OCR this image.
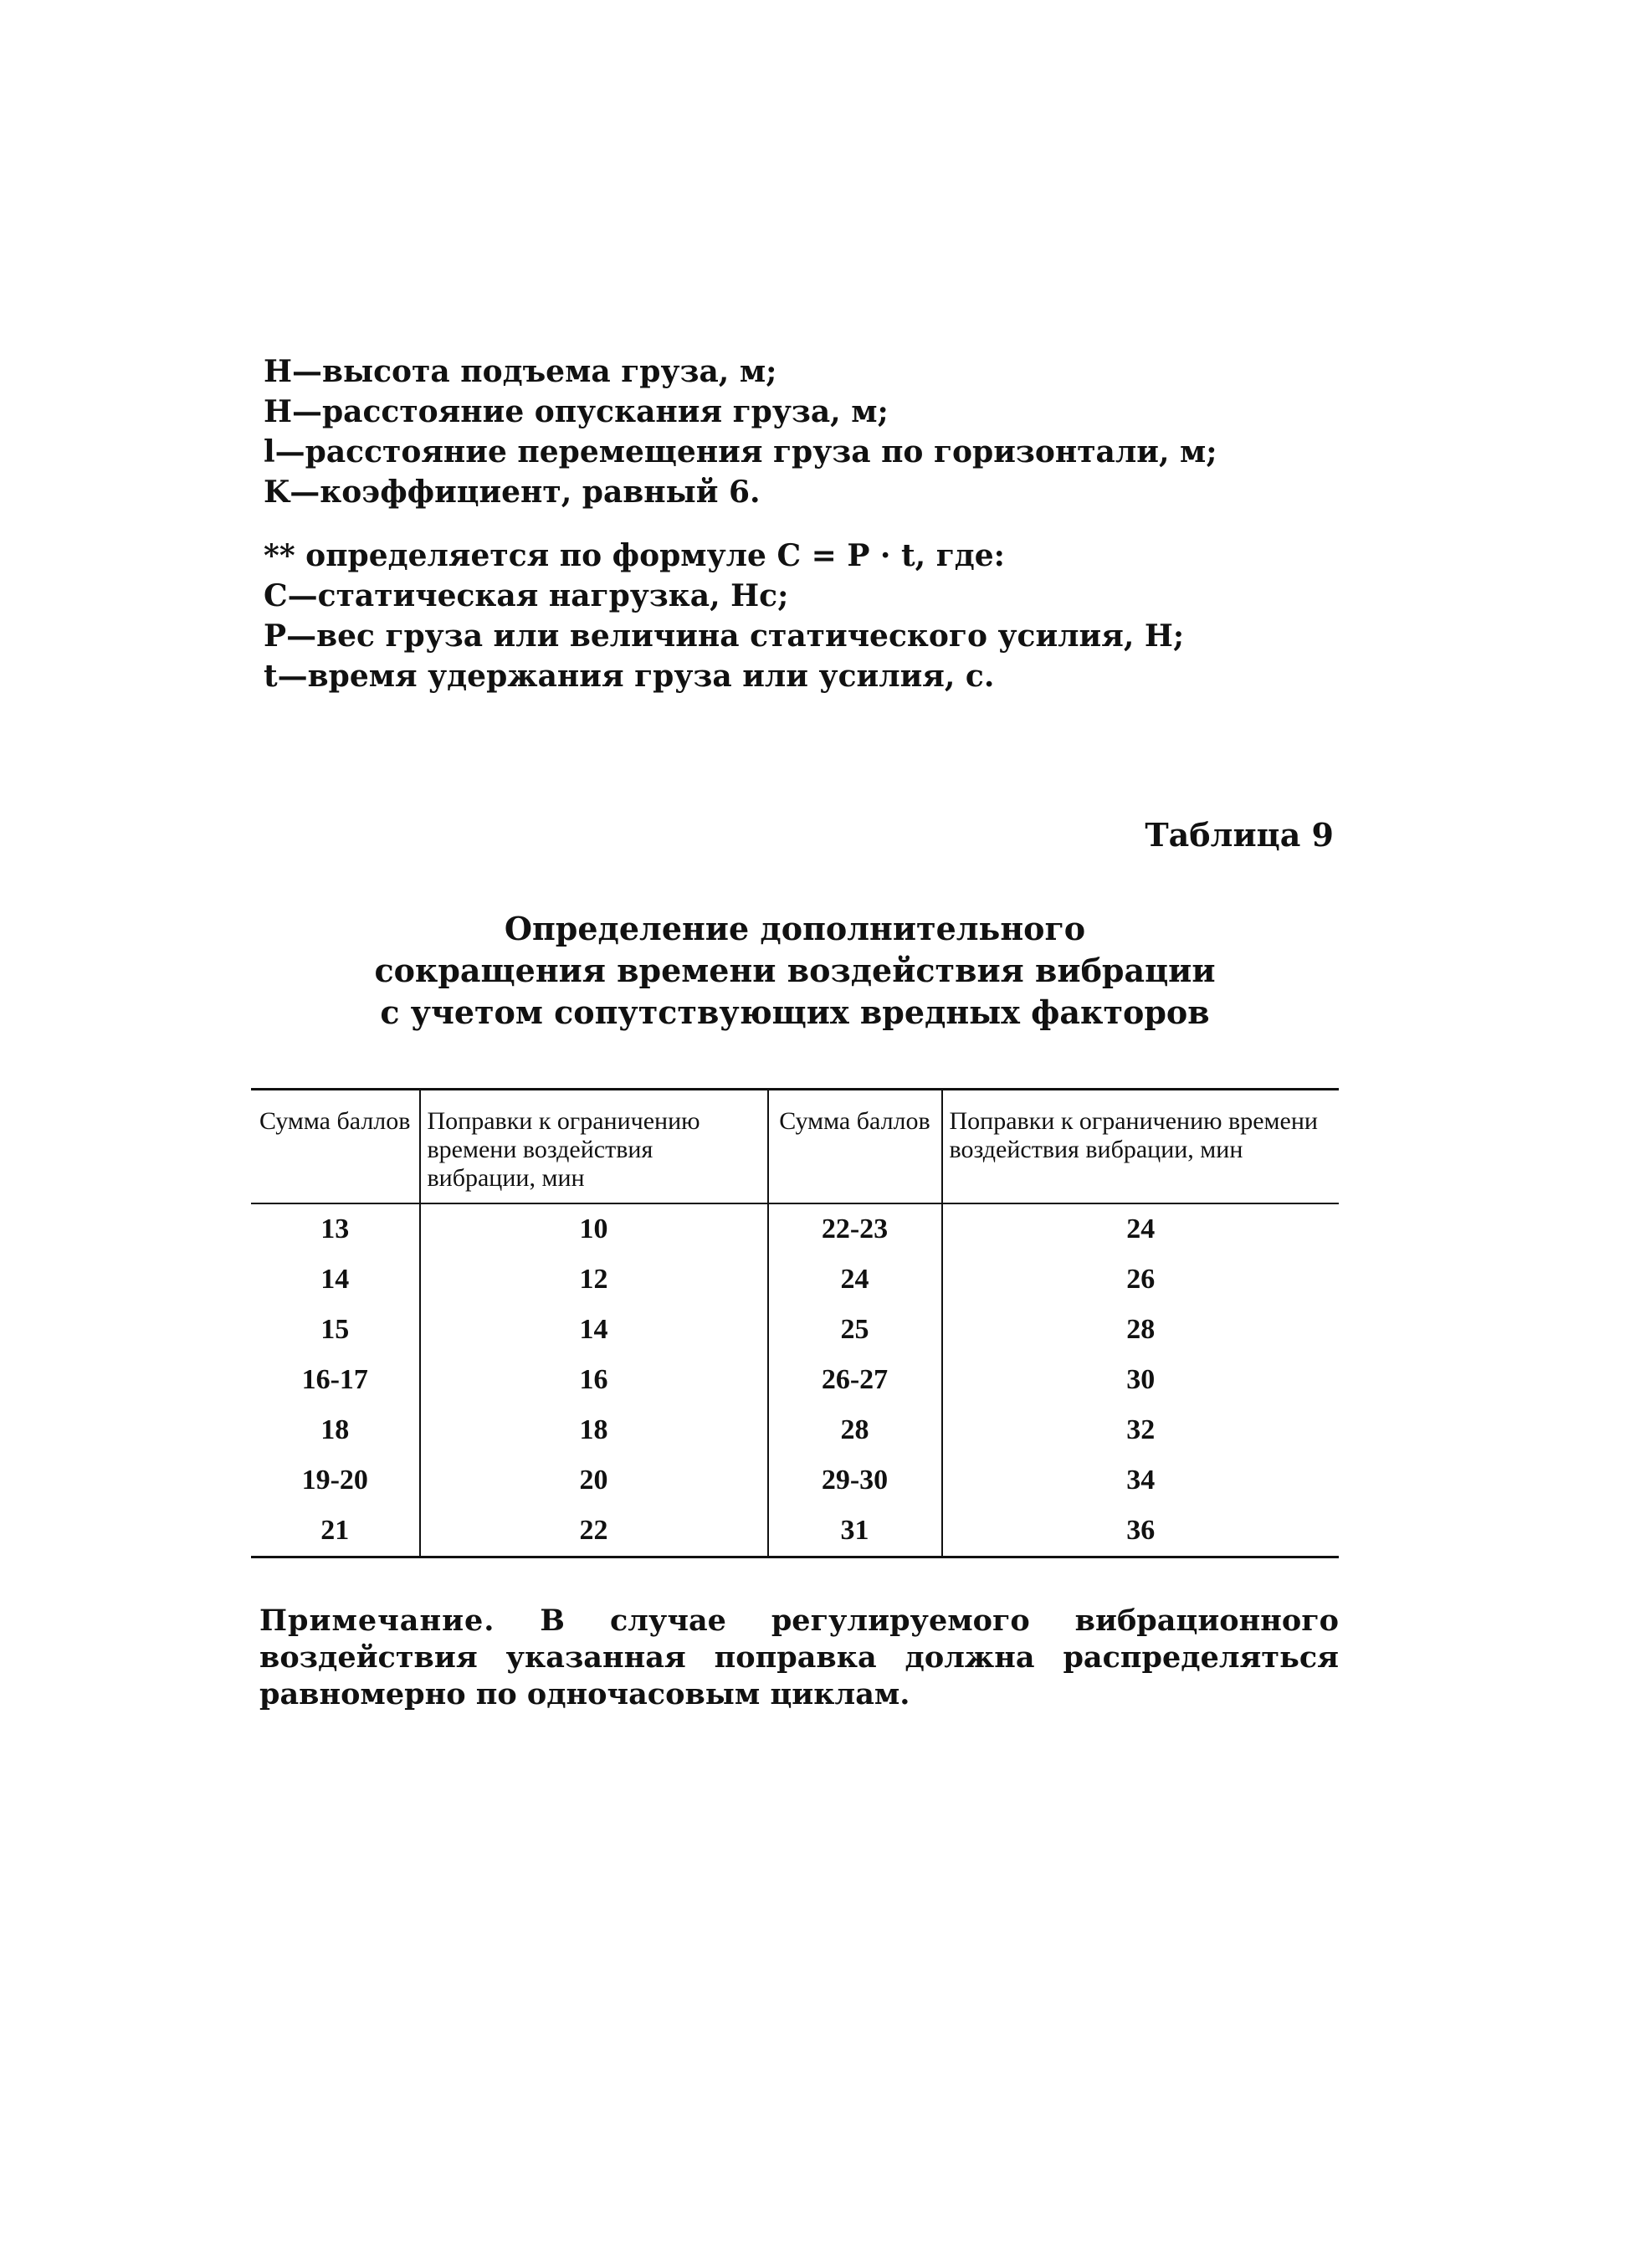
H—высота подъема груза, м;
H—расстояние опускания груза, м;
l—расстояние перемещения груза по горизонтали, м;
K—коэффициент, равный 6.
** определяется по формуле С = Р · t, где:
С—статическая нагрузка, Нс;
Р—вес груза или величина статического усилия, Н;
t—время удержания груза или усилия, с.
Таблица 9
Определение дополнительного
сокращения времени воздействия вибрации
с учетом сопутствующих вредных факторов
Сумма баллов	Поправки к ограничению времени воздействия вибрации, мин	Сумма баллов	Поправки к ограничению времени воздействия вибрации, мин
13	10	22-23	24
14	12	24	26
15	14	25	28
16-17	16	26-27	30
18	18	28	32
19-20	20	29-30	34
21	22	31	36
Примечание. В случае регулируемого вибрационного воздействия указанная поправка должна распределяться равномерно по одночасовым циклам.
